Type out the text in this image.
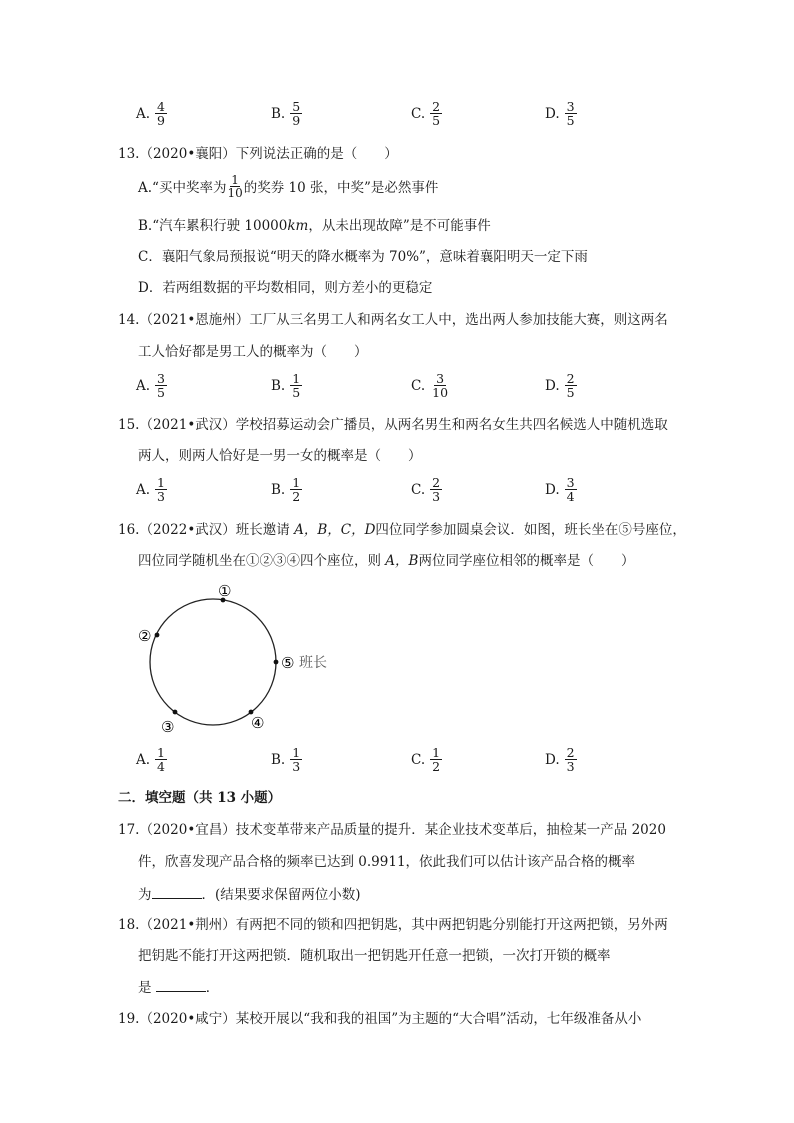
A. $\frac{4}{9}$	B. $\frac{5}{9}$	C. $\frac{2}{5}$	D. $\frac{3}{5}$
13.（2020•襄阳）下列说法正确的是（　　）
A.“买中奖率为 $\frac{1}{10}$ 的奖券 10 张，中奖”是必然事件
B.“汽车累积行驶 10000km，从未出现故障”是不可能事件
C．襄阳气象局预报说“明天的降水概率为 70%”，意味着襄阳明天一定下雨
D．若两组数据的平均数相同，则方差小的更稳定
14.（2021•恩施州）工厂从三名男工人和两名女工人中，选出两人参加技能大赛，则这两名
工人恰好都是男工人的概率为（　　）
A. $\frac{3}{5}$	B. $\frac{1}{5}$	C. $\frac{3}{10}$	D. $\frac{2}{5}$
15.（2021•武汉）学校招募运动会广播员，从两名男生和两名女生共四名候选人中随机选取
两人，则两人恰好是一男一女的概率是（　　）
A. $\frac{1}{3}$	B. $\frac{1}{2}$	C. $\frac{2}{3}$	D. $\frac{3}{4}$
16.（2022•武汉）班长邀请 A，B，C，D四位同学参加圆桌会议．如图，班长坐在⑤号座位，
四位同学随机坐在①②③④四个座位，则 A，B两位同学座位相邻的概率是（　　）
①
②
③	④
⑤ 班长
A. $\frac{1}{4}$	B. $\frac{1}{3}$	C. $\frac{1}{2}$	D. $\frac{2}{3}$
二．填空题（共 13 小题）
17.（2020•宜昌）技术变革带来产品质量的提升．某企业技术变革后，抽检某一产品 2020
件，欣喜发现产品合格的频率已达到 0.9911，依此我们可以估计该产品合格的概率
为	．(结果要求保留两位小数)
18.（2021•荆州）有两把不同的锁和四把钥匙，其中两把钥匙分别能打开这两把锁，另外两
把钥匙不能打开这两把锁．随机取出一把钥匙开任意一把锁，一次打开锁的概率
是	．
19.（2020•咸宁）某校开展以“我和我的祖国”为主题的“大合唱”活动，七年级准备从小
